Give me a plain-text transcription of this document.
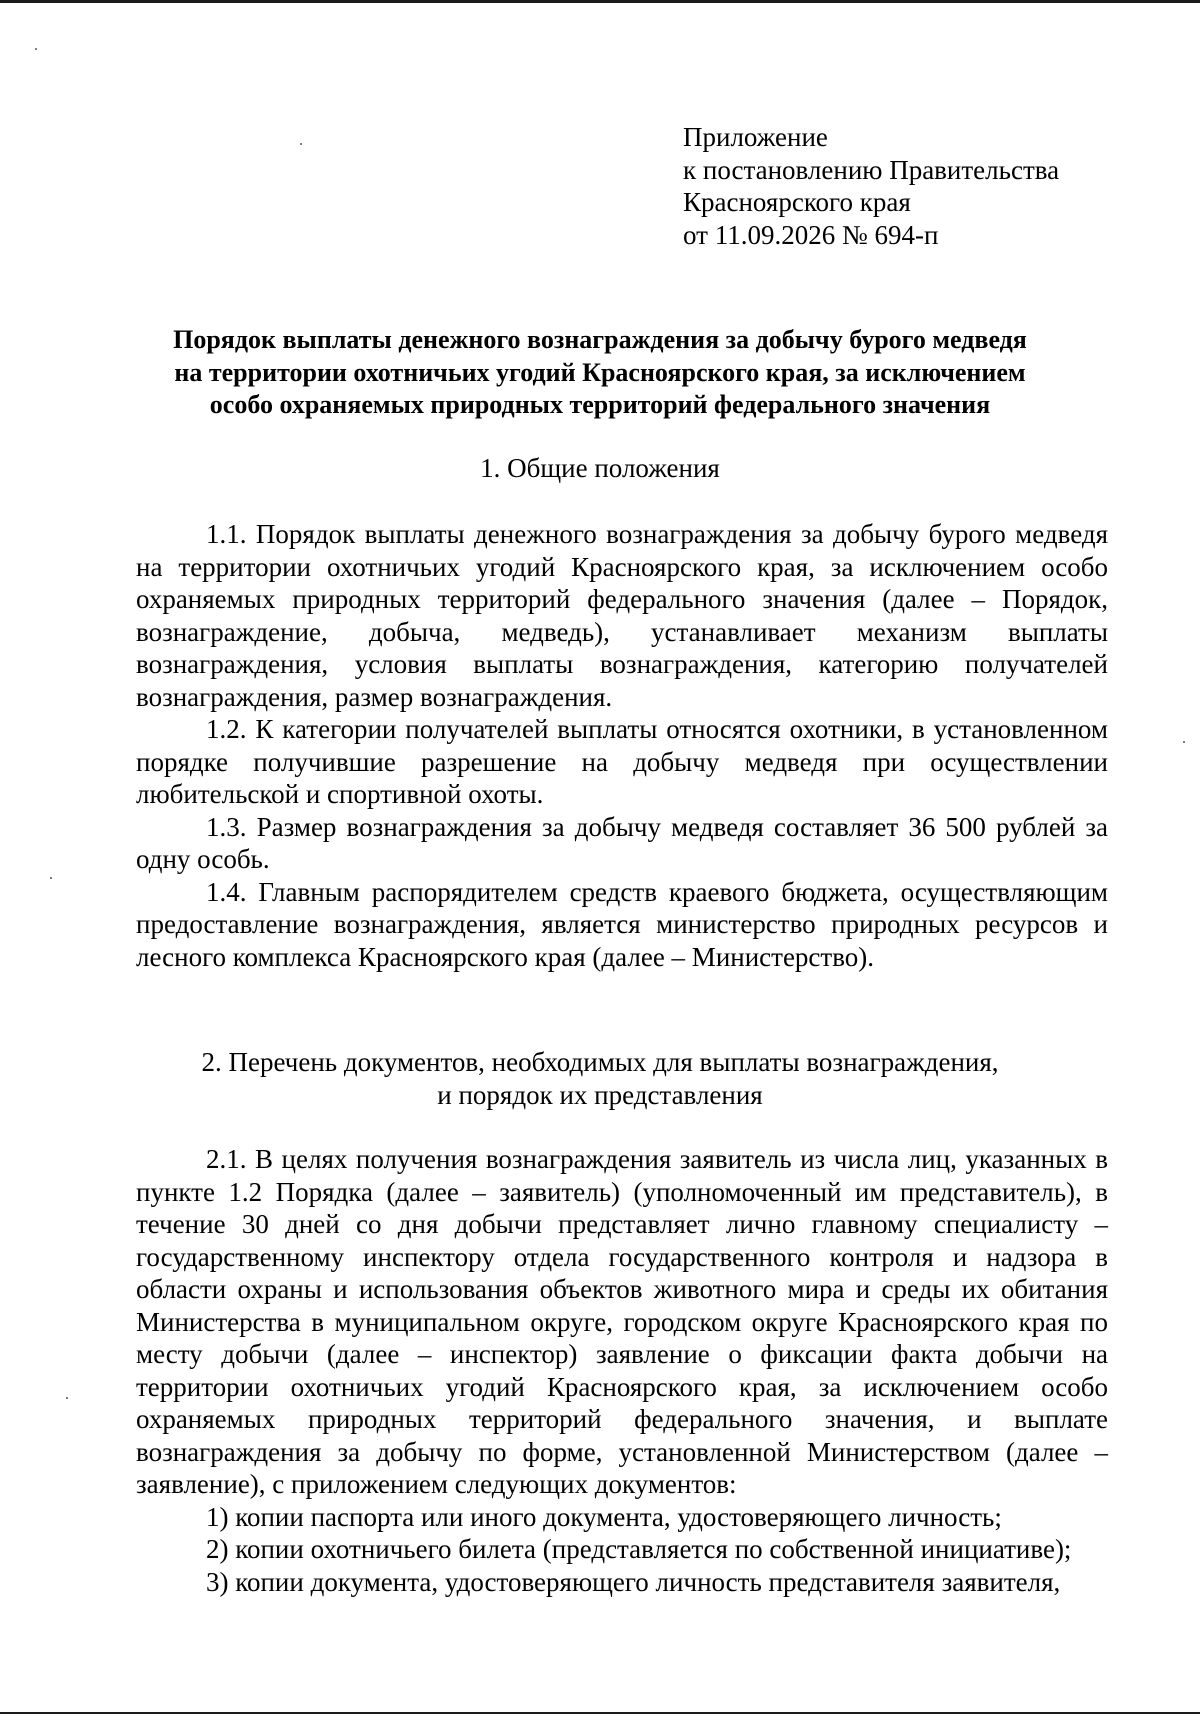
Приложение
к постановлению Правительства
Красноярского края
от 11.09.2026 № 694-п
Порядок выплаты денежного вознаграждения за добычу бурого медведя
на территории охотничьих угодий Красноярского края, за исключением
особо охраняемых природных территорий федерального значения
1. Общие положения

1.1. Порядок выплаты денежного вознаграждения за добычу бурого медведя на территории охотничьих угодий Красноярского края, за исключением особо охраняемых природных территорий федерального значения (далее – Порядок, вознаграждение, добыча, медведь), устанавливает механизм выплаты вознаграждения, условия выплаты вознаграждения, категорию получателей вознаграждения, размер вознаграждения.

1.2. К категории получателей выплаты относятся охотники, в установленном порядке получившие разрешение на добычу медведя при осуществлении любительской и спортивной охоты.

1.3. Размер вознаграждения за добычу медведя составляет 36 500 рублей за одну особь.

1.4. Главным распорядителем средств краевого бюджета, осуществляющим предоставление вознаграждения, является министерство природных ресурсов и лесного комплекса Красноярского края (далее – Министерство).

2. Перечень документов, необходимых для выплаты вознаграждения,
и порядок их представления

2.1. В целях получения вознаграждения заявитель из числа лиц, указанных в пункте 1.2 Порядка (далее – заявитель) (уполномоченный им представитель), в течение 30 дней со дня добычи представляет лично главному специалисту – государственному инспектору отдела государственного контроля и надзора в области охраны и использования объектов животного мира и среды их обитания Министерства в муниципальном округе, городском округе Красноярского края по месту добычи (далее – инспектор) заявление о фиксации факта добычи на территории охотничьих угодий Красноярского края, за исключением особо охраняемых природных территорий федерального значения, и выплате вознаграждения за добычу по форме, установленной Министерством (далее – заявление), с приложением следующих документов:

1) копии паспорта или иного документа, удостоверяющего личность;

2) копии охотничьего билета (представляется по собственной инициативе);

3) копии документа, удостоверяющего личность представителя заявителя,
